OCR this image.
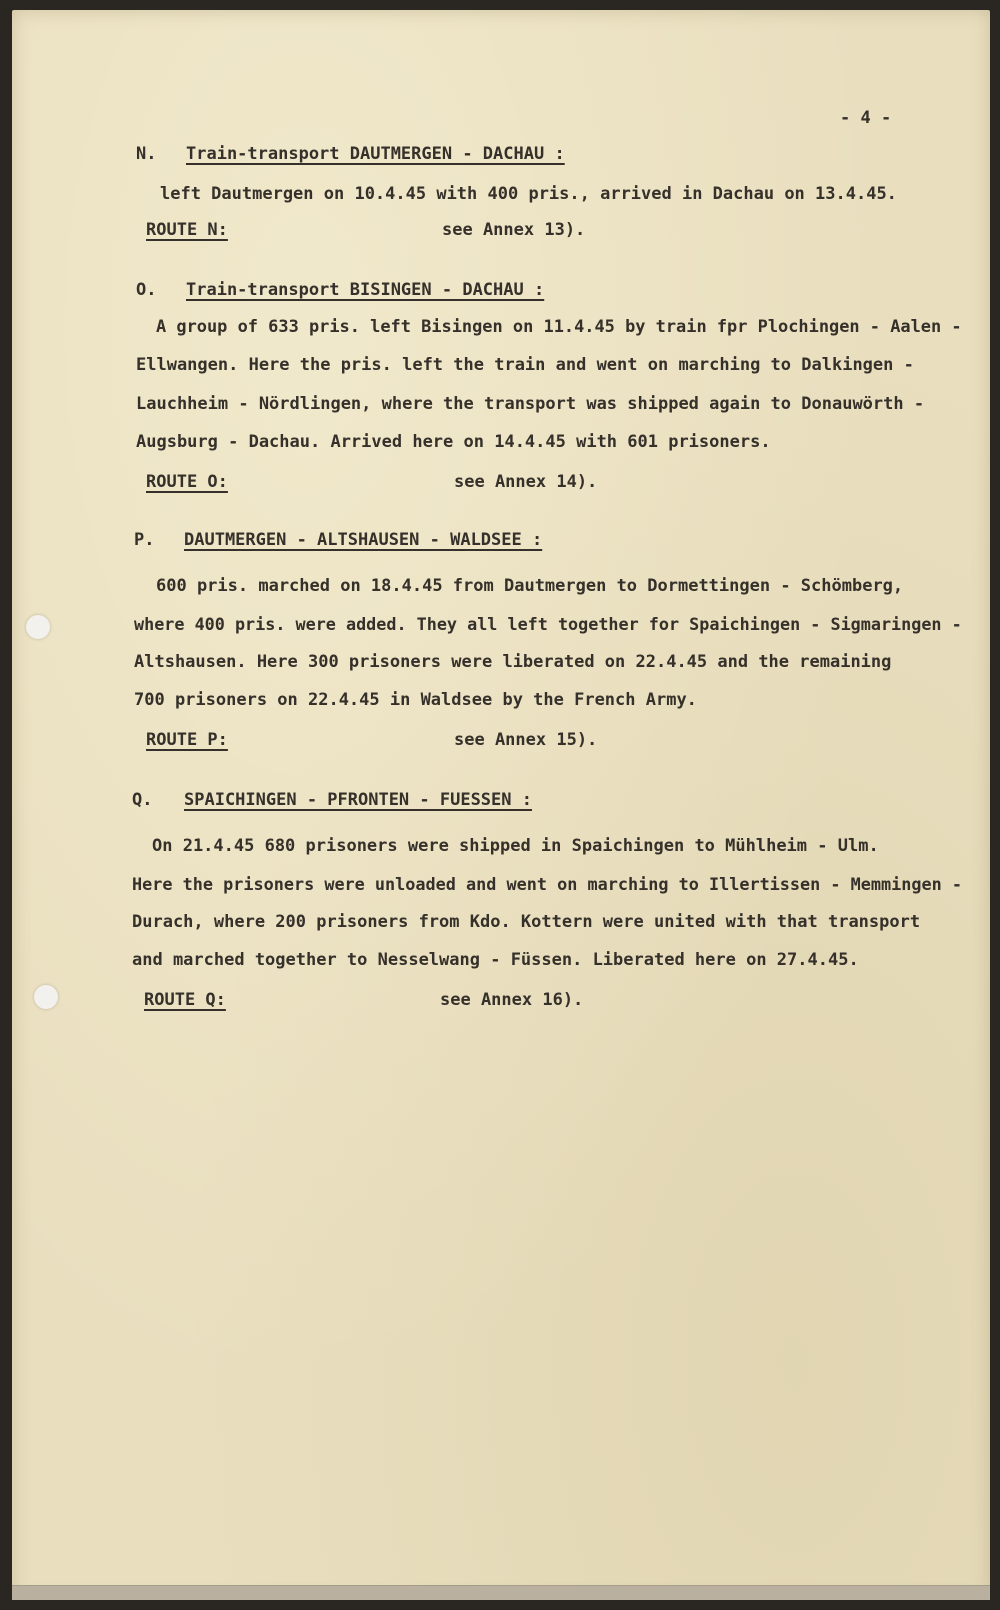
- 4 -
N. Train-transport DAUTMERGEN - DACHAU :
left Dautmergen on 10.4.45 with 400 pris., arrived in Dachau on 13.4.45.
ROUTE N:	see Annex 13).
O. Train-transport BISINGEN - DACHAU :
A group of 633 pris. left Bisingen on 11.4.45 by train fpr Plochingen - Aalen -
Ellwangen. Here the pris. left the train and went on marching to Dalkingen -
Lauchheim - Nördlingen, where the transport was shipped again to Donauwörth -
Augsburg - Dachau. Arrived here on 14.4.45 with 601 prisoners.
ROUTE O:	see Annex 14).
P. DAUTMERGEN - ALTSHAUSEN - WALDSEE :
600 pris. marched on 18.4.45 from Dautmergen to Dormettingen - Schömberg,
where 400 pris. were added. They all left together for Spaichingen - Sigmaringen -
Altshausen. Here 300 prisoners were liberated on 22.4.45 and the remaining
700 prisoners on 22.4.45 in Waldsee by the French Army.
ROUTE P:	see Annex 15).
Q. SPAICHINGEN - PFRONTEN - FUESSEN :
On 21.4.45 680 prisoners were shipped in Spaichingen to Mühlheim - Ulm.
Here the prisoners were unloaded and went on marching to Illertissen - Memmingen -
Durach, where 200 prisoners from Kdo. Kottern were united with that transport
and marched together to Nesselwang - Füssen. Liberated here on 27.4.45.
ROUTE Q:	see Annex 16).
